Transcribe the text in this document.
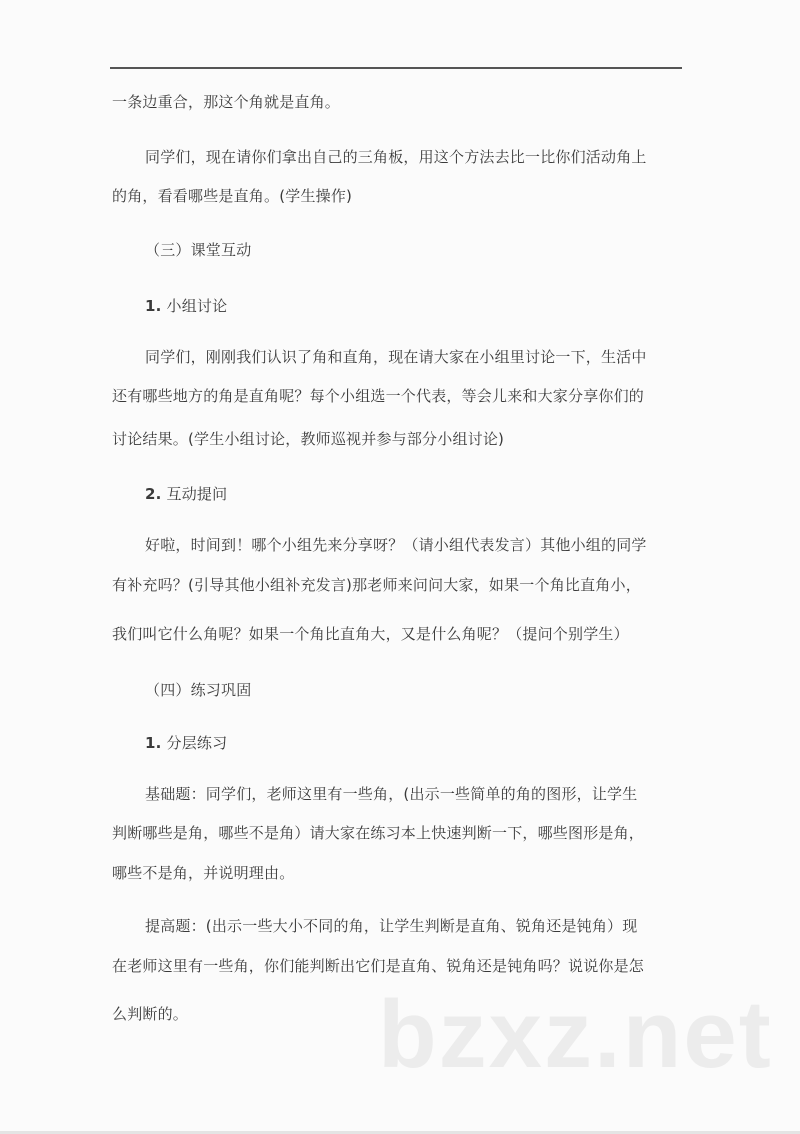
一条边重合，那这个角就是直角。
同学们，现在请你们拿出自己的三角板，用这个方法去比一比你们活动角上
的角，看看哪些是直角。(学生操作)
（三）课堂互动
1. 小组讨论
同学们，刚刚我们认识了角和直角，现在请大家在小组里讨论一下，生活中
还有哪些地方的角是直角呢？每个小组选一个代表，等会儿来和大家分享你们的
讨论结果。(学生小组讨论，教师巡视并参与部分小组讨论)
2. 互动提问
好啦，时间到！哪个小组先来分享呀？（请小组代表发言）其他小组的同学
有补充吗？(引导其他小组补充发言)那老师来问问大家，如果一个角比直角小，
我们叫它什么角呢？如果一个角比直角大，又是什么角呢？（提问个别学生）
（四）练习巩固
1. 分层练习
基础题：同学们，老师这里有一些角，(出示一些简单的角的图形，让学生
判断哪些是角，哪些不是角）请大家在练习本上快速判断一下，哪些图形是角，
哪些不是角，并说明理由。
提高题：(出示一些大小不同的角，让学生判断是直角、锐角还是钝角）现
在老师这里有一些角，你们能判断出它们是直角、锐角还是钝角吗？说说你是怎
么判断的。 bzxz.net
